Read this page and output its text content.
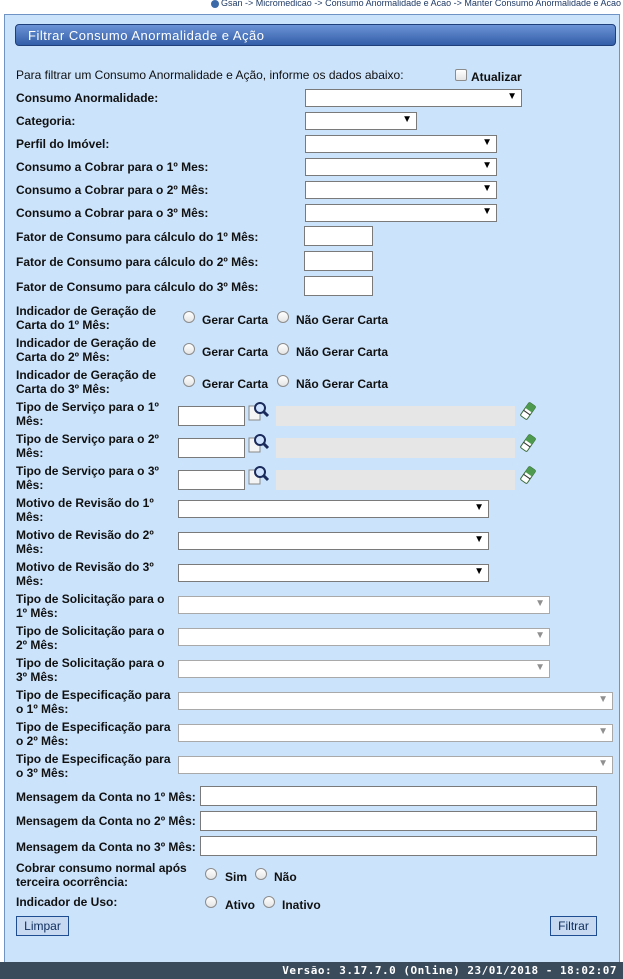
Gsan -> Micromedicao -> Consumo Anormalidade e Acao -> Manter Consumo Anormalidade e Acao
Filtrar Consumo Anormalidade e Ação
Para filtrar um Consumo Anormalidade e Ação, informe os dados abaixo:	Atualizar
Consumo Anormalidade:	▼
Categoria:	▼
Perfil do Imóvel:	▼
Consumo a Cobrar para o 1º Mes:	▼
Consumo a Cobrar para o 2º Mês:	▼
Consumo a Cobrar para o 3º Mês:	▼
Fator de Consumo para cálculo do 1º Mês:
Fator de Consumo para cálculo do 2º Mês:
Fator de Consumo para cálculo do 3º Mês:
Indicador de Geração de
Carta do 1º Mês:	Gerar Carta Não Gerar Carta
Indicador de Geração de
Carta do 2º Mês:	Gerar Carta Não Gerar Carta
Indicador de Geração de
Carta do 3º Mês:	Gerar Carta Não Gerar Carta
Tipo de Serviço para o 1º
Mês:
Tipo de Serviço para o 2º
Mês:
Tipo de Serviço para o 3º
Mês:
Motivo de Revisão do 1º
Mês:
▼
Motivo de Revisão do 2º
Mês:
▼
Motivo de Revisão do 3º
Mês:
▼
Tipo de Solicitação para o
1º Mês:
▼
Tipo de Solicitação para o
2º Mês:
▼
Tipo de Solicitação para o
3º Mês:
▼
Tipo de Especificação para
o 1º Mês:
▼
Tipo de Especificação para
o 2º Mês:
▼
Tipo de Especificação para
o 3º Mês:
▼
Mensagem da Conta no 1º Mês:
Mensagem da Conta no 2º Mês:
Mensagem da Conta no 3º Mês:
Cobrar consumo normal após
terceira ocorrência:	Sim Não
Indicador de Uso:	Ativo Inativo
Limpar	Filtrar
Versão: 3.17.7.0 (Online) 23/01/2018 - 18:02:07
